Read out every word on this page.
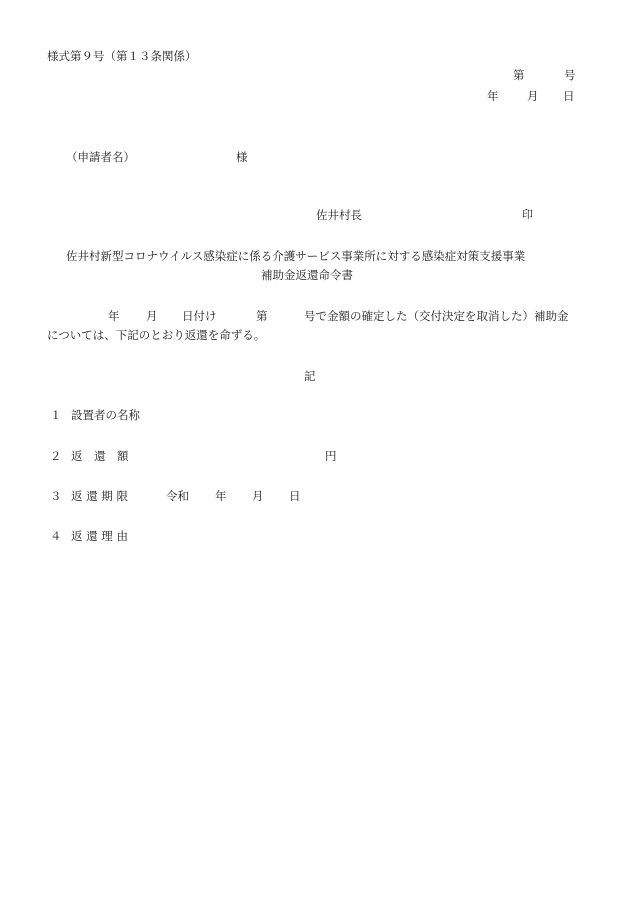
様式第９号（第１３条関係）
第	号
年 月 日
（申請者名）	様
佐井村長	印
佐井村新型コロナウイルス感染症に係る介護サービス事業所に対する感染症対策支援事業
補助金返還命令書
年 月 日付け	第	号で金額の確定した（交付決定を取消した）補助金
については、下記のとおり返還を命ずる。
記
１ 設置者の名称
２ 返　還　額	円
３ 返 還 期 限	令和 年 月 日
４ 返 還 理 由
